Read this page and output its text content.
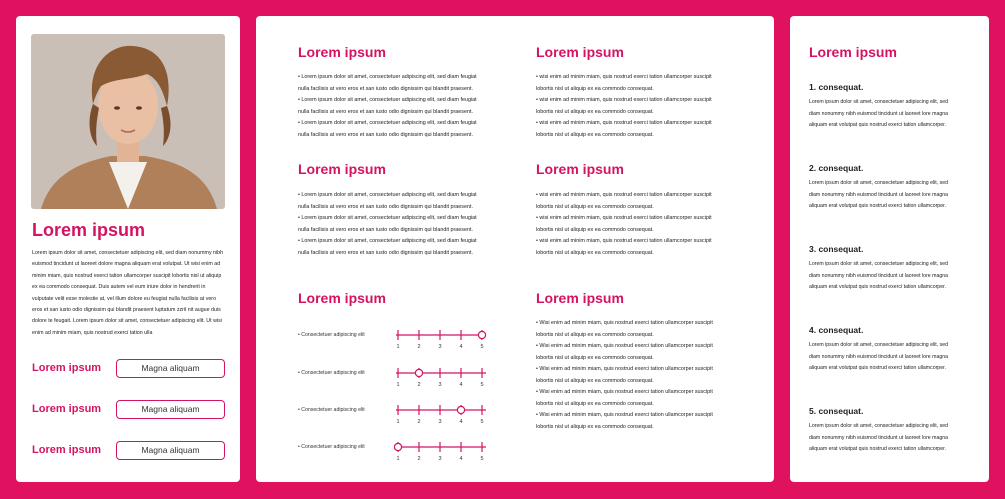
Lorem ipsum
Lorem ipsum dolor sit amet, consectetuer adipiscing elit, sed diam nonummy nibh euismod tincidunt ut laoreet dolore magna aliquam erat volutpat. Ut wisi enim ad minim miam, quis nostrud exerci tation ullamcorper suscipit lobortis nisl ut aliquip ex ea commodo consequat. Duis autem vel eum iriure dolor in hendrerit in vulputate velit esse molestie at, vel illum dolore eu feugiat nulla facilisis at vero eros et san iusto odio dignissim qui blandit praesent luptatum zzril nit augue duis dolore te feugait. Lorem ipsum dolor sit amet, consectetuer adipiscing elit. Ut wisi enim ad minim miam, quis nostrud exerci tation ulla
Lorem ipsum	Magna aliquam
Lorem ipsum	Magna aliquam
Lorem ipsum	Magna aliquam
Lorem ipsum

• Lorem ipsum dolor sit amet, consectetuer adipiscing elit, sed diam feugiat

nulla facilisis at vero eros et san iusto odio dignissim qui blandit praesent.

• Lorem ipsum dolor sit amet, consectetuer adipiscing elit, sed diam feugiat

nulla facilisis at vero eros et san iusto odio dignissim qui blandit praesent.

• Lorem ipsum dolor sit amet, consectetuer adipiscing elit, sed diam feugiat

nulla facilisis at vero eros et san iusto odio dignissim qui blandit praesent.

Lorem ipsum

• wisi enim ad minim miam, quis nostrud exerci tation ullamcorper suscipit

lobortis nisl ut aliquip ex ea commodo consequat.

• wisi enim ad minim miam, quis nostrud exerci tation ullamcorper suscipit

lobortis nisl ut aliquip ex ea commodo consequat.

• wisi enim ad minim miam, quis nostrud exerci tation ullamcorper suscipit

lobortis nisl ut aliquip ex ea commodo consequat.

Lorem ipsum

• Lorem ipsum dolor sit amet, consectetuer adipiscing elit, sed diam feugiat

nulla facilisis at vero eros et san iusto odio dignissim qui blandit praesent.

• Lorem ipsum dolor sit amet, consectetuer adipiscing elit, sed diam feugiat

nulla facilisis at vero eros et san iusto odio dignissim qui blandit praesent.

• Lorem ipsum dolor sit amet, consectetuer adipiscing elit, sed diam feugiat

nulla facilisis at vero eros et san iusto odio dignissim qui blandit praesent.

Lorem ipsum

• wisi enim ad minim miam, quis nostrud exerci tation ullamcorper suscipit

lobortis nisl ut aliquip ex ea commodo consequat.

• wisi enim ad minim miam, quis nostrud exerci tation ullamcorper suscipit

lobortis nisl ut aliquip ex ea commodo consequat.

• wisi enim ad minim miam, quis nostrud exerci tation ullamcorper suscipit

lobortis nisl ut aliquip ex ea commodo consequat.

Lorem ipsum
• Consectetuer adipiscing elit
1	2	3	4	5
• Consectetuer adipiscing elit
1	2	3	4	5
• Consectetuer adipiscing elit
1	2	3	4	5
• Consectetuer adipiscing elit
1	2	3	4	5
Lorem ipsum

• Wisi enim ad minim miam, quis nostrud exerci tation ullamcorper suscipit

lobortis nisl ut aliquip ex ea commodo consequat.

• Wisi enim ad minim miam, quis nostrud exerci tation ullamcorper suscipit

lobortis nisl ut aliquip ex ea commodo consequat.

• Wisi enim ad minim miam, quis nostrud exerci tation ullamcorper suscipit

lobortis nisl ut aliquip ex ea commodo consequat.

• Wisi enim ad minim miam, quis nostrud exerci tation ullamcorper suscipit

lobortis nisl ut aliquip ex ea commodo consequat.

• Wisi enim ad minim miam, quis nostrud exerci tation ullamcorper suscipit

lobortis nisl ut aliquip ex ea commodo consequat.

Lorem ipsum
1. consequat.

Lorem ipsum dolor sit amet, consectetuer adipiscing elit, sed

diam nonummy nibh euismod tincidunt ut laoreet lore magna

aliquam erat volutpat quis nostrud exerci tation ullamcorper.

2. consequat.

Lorem ipsum dolor sit amet, consectetuer adipiscing elit, sed

diam nonummy nibh euismod tincidunt ut laoreet lore magna

aliquam erat volutpat quis nostrud exerci tation ullamcorper.

3. consequat.

Lorem ipsum dolor sit amet, consectetuer adipiscing elit, sed

diam nonummy nibh euismod tincidunt ut laoreet lore magna

aliquam erat volutpat quis nostrud exerci tation ullamcorper.

4. consequat.

Lorem ipsum dolor sit amet, consectetuer adipiscing elit, sed

diam nonummy nibh euismod tincidunt ut laoreet lore magna

aliquam erat volutpat quis nostrud exerci tation ullamcorper.

5. consequat.

Lorem ipsum dolor sit amet, consectetuer adipiscing elit, sed

diam nonummy nibh euismod tincidunt ut laoreet lore magna

aliquam erat volutpat quis nostrud exerci tation ullamcorper.
